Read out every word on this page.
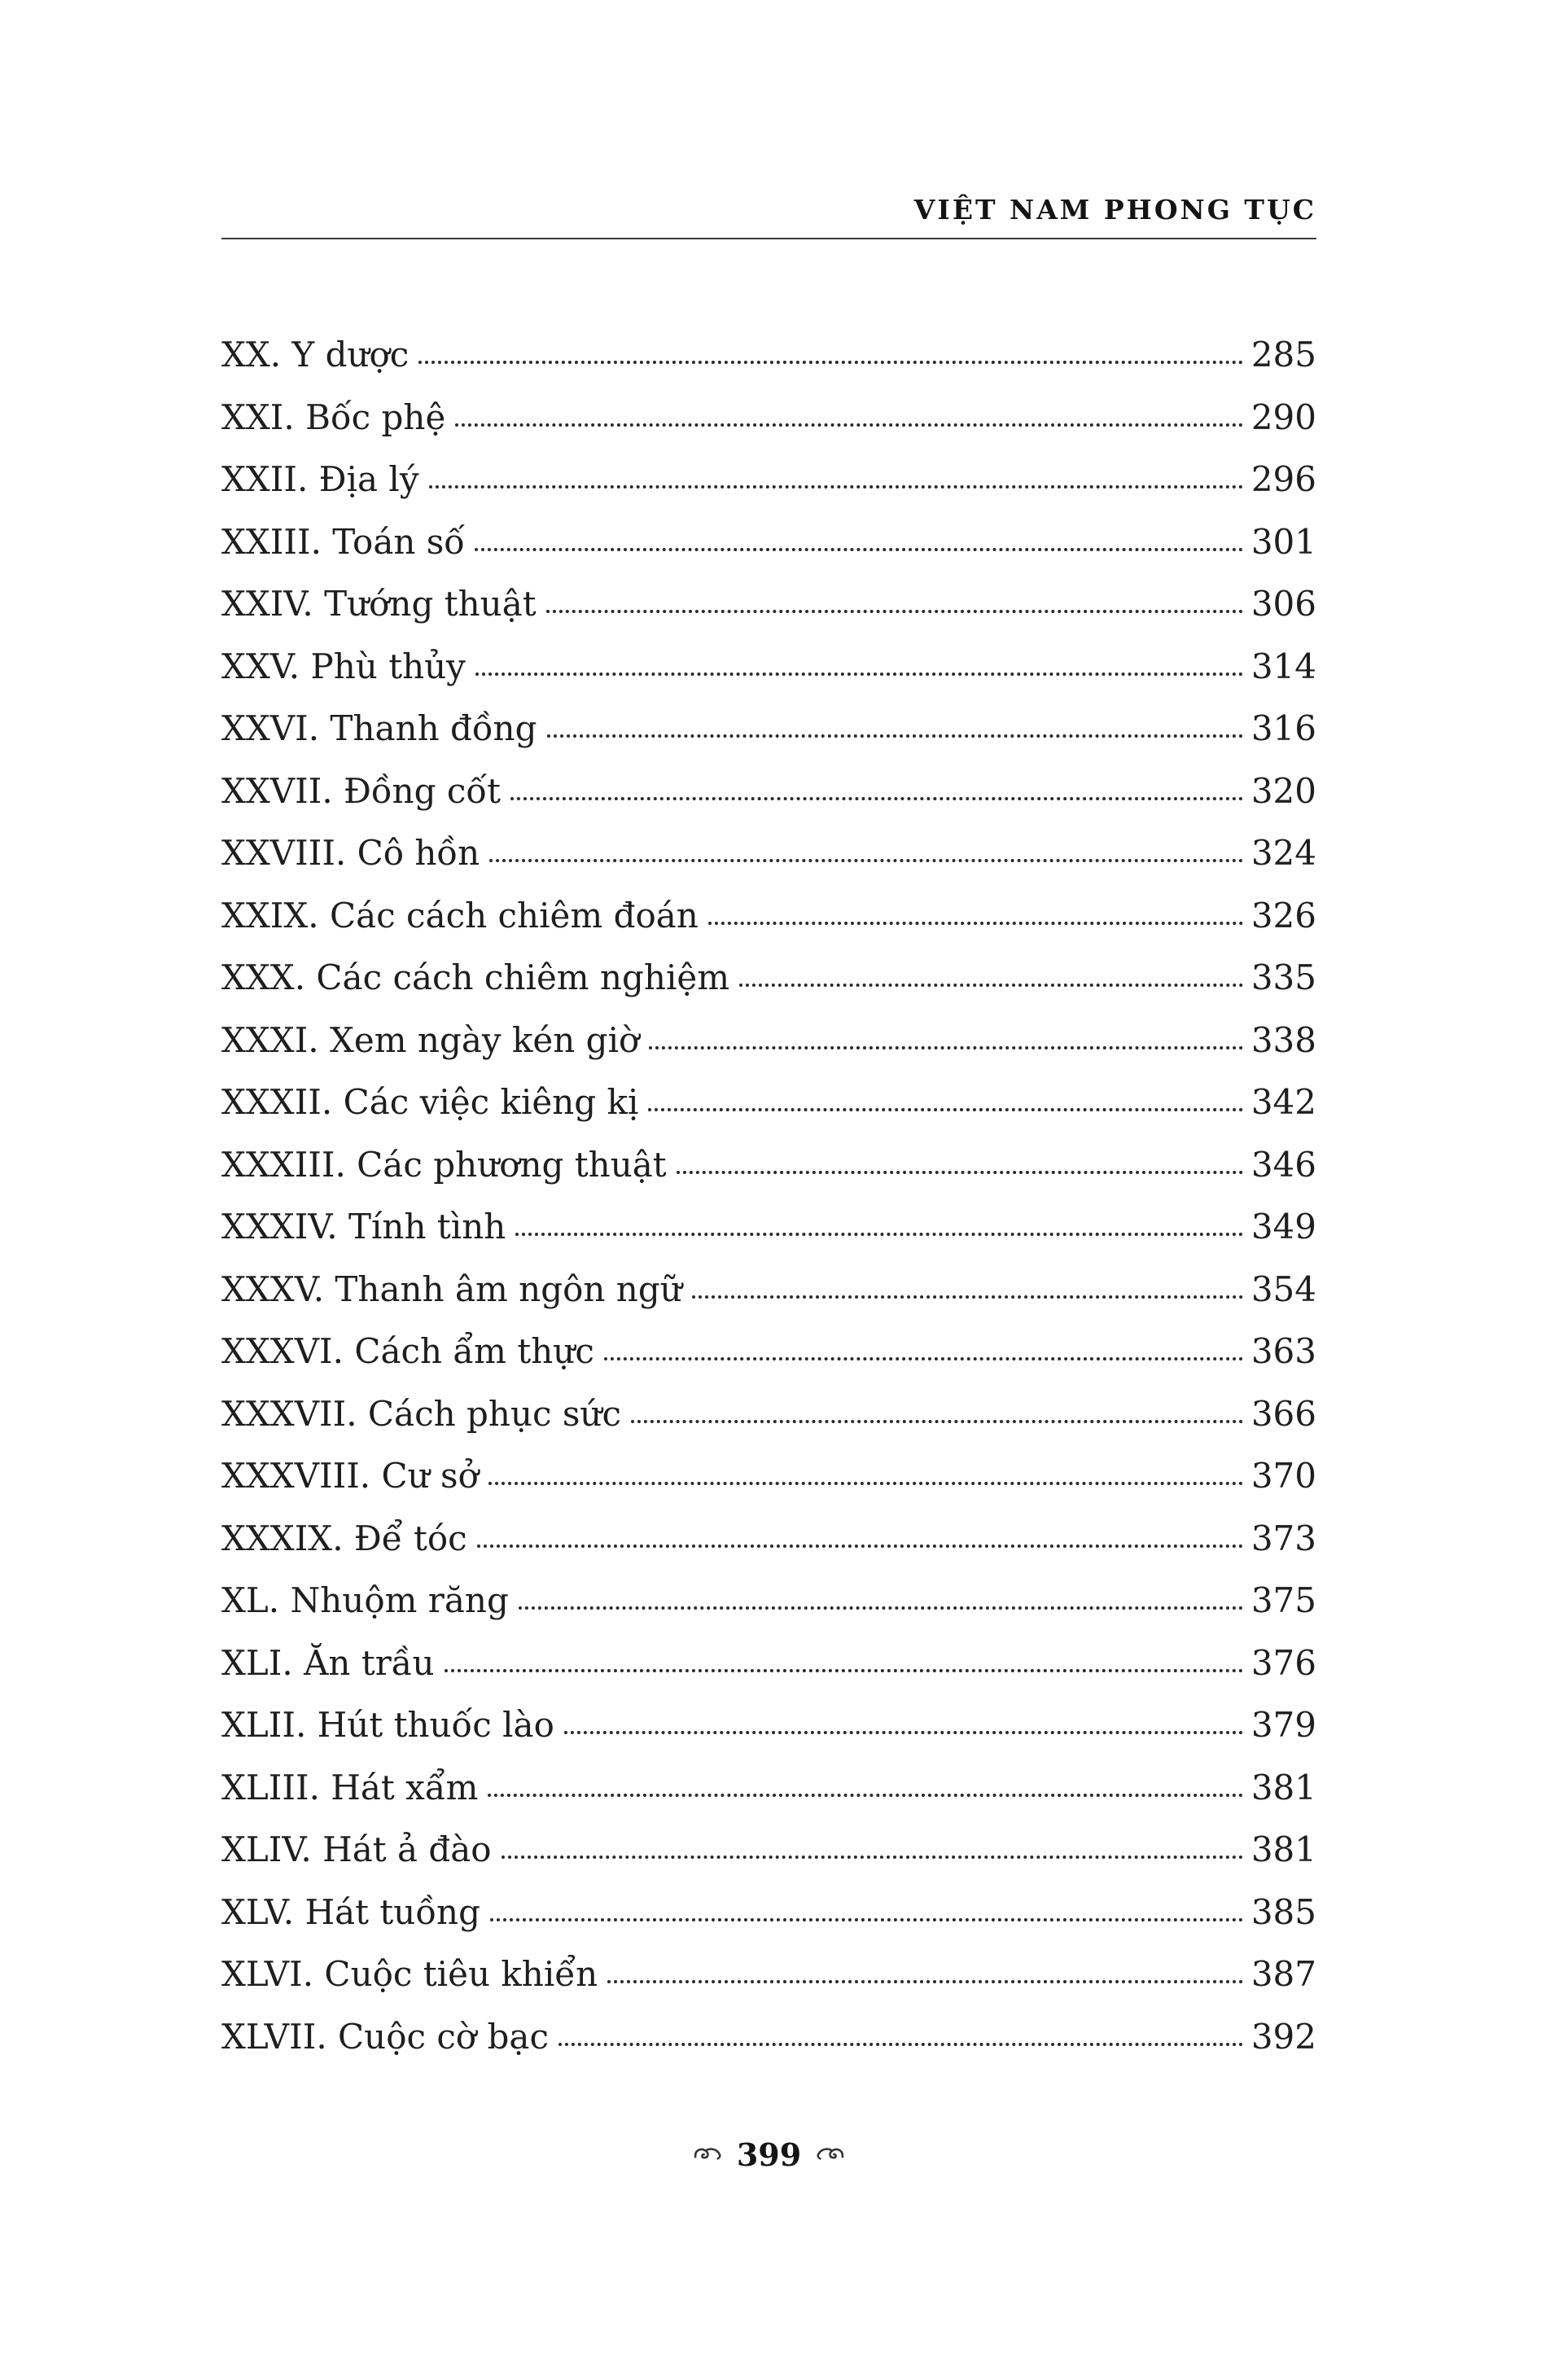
VIỆT NAM PHONG TỤC
XX. Y dược	285
XXI. Bốc phệ	290
XXII. Địa lý	296
XXIII. Toán số	301
XXIV. Tướng thuật	306
XXV. Phù thủy	314
XXVI. Thanh đồng	316
XXVII. Đồng cốt	320
XXVIII. Cô hồn	324
XXIX. Các cách chiêm đoán	326
XXX. Các cách chiêm nghiệm	335
XXXI. Xem ngày kén giờ	338
XXXII. Các việc kiêng kị	342
XXXIII. Các phương thuật	346
XXXIV. Tính tình	349
XXXV. Thanh âm ngôn ngữ	354
XXXVI. Cách ẩm thực	363
XXXVII. Cách phục sức	366
XXXVIII. Cư sở	370
XXXIX. Để tóc	373
XL. Nhuộm răng	375
XLI. Ăn trầu	376
XLII. Hút thuốc lào	379
XLIII. Hát xẩm	381
XLIV. Hát ả đào	381
XLV. Hát tuồng	385
XLVI. Cuộc tiêu khiển	387
XLVII. Cuộc cờ bạc	392
399
